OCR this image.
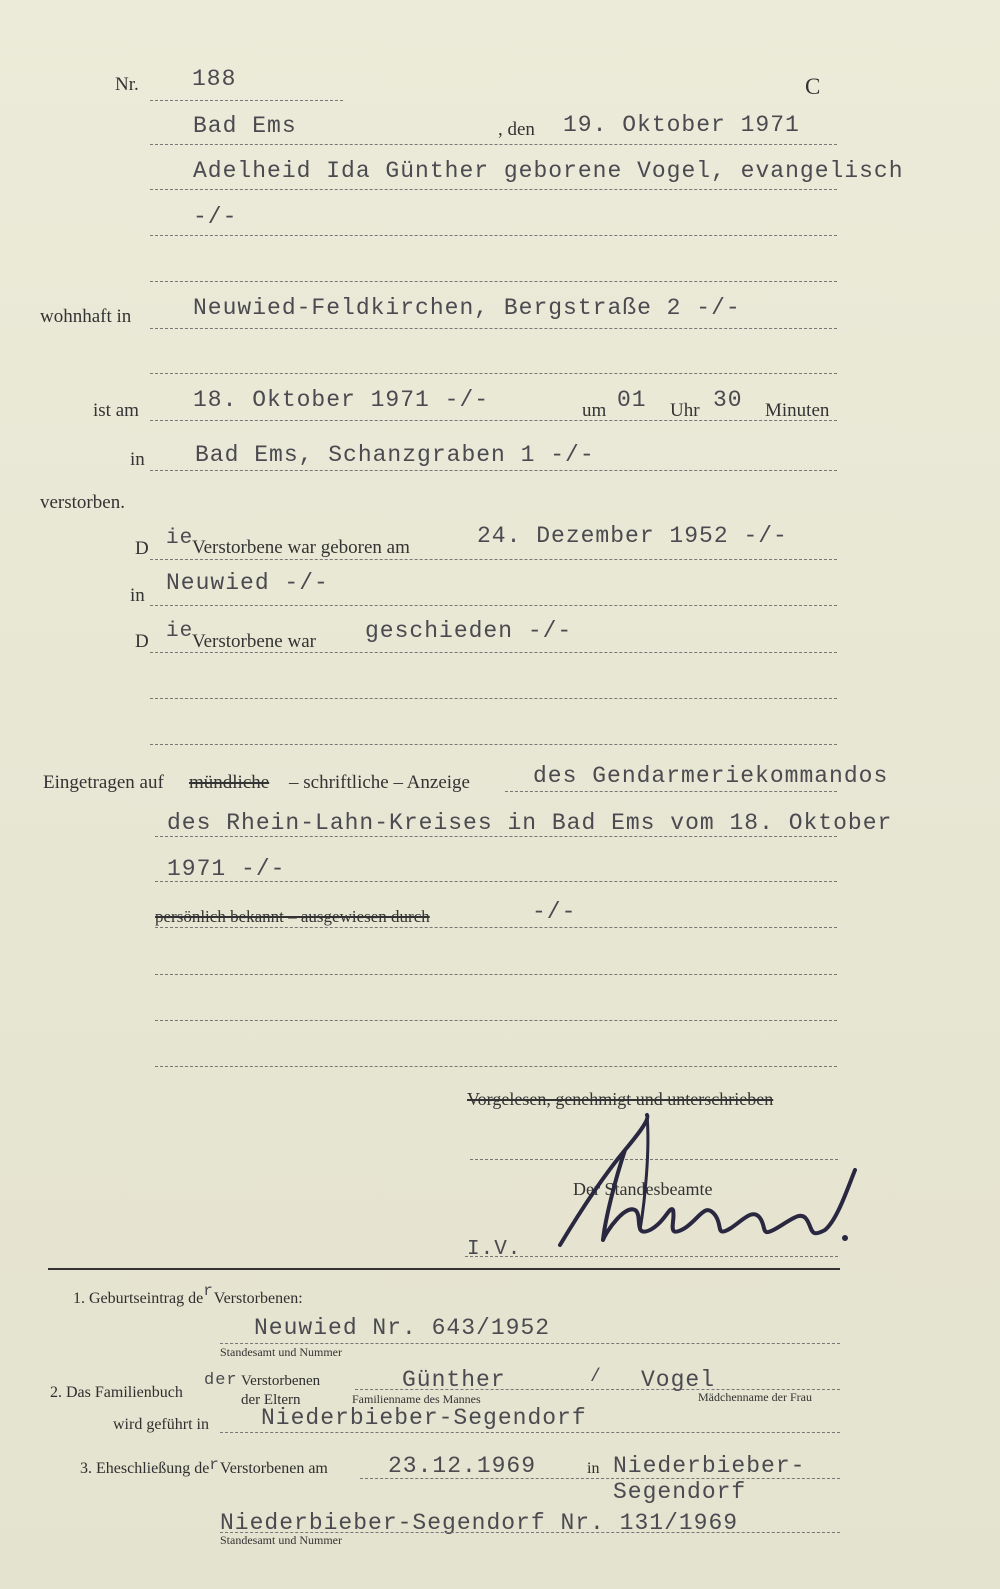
Nr. 188	C
Bad Ems	, den 19. Oktober 1971
Adelheid Ida Günther geborene Vogel, evangelisch
-/-
wohnhaft in	Neuwied-Feldkirchen, Bergstraße 2 -/-
ist am 18. Oktober 1971 -/-	um 01 Uhr 30 Minuten
in Bad Ems, Schanzgraben 1 -/-
verstorben.
D ie
Verstorbene war geboren am	24. Dezember 1952 -/-
in Neuwied -/-
D ie
Verstorbene war geschieden -/-
Eingetragen auf mündliche – schriftliche – Anzeige	des Gendarmeriekommandos
des Rhein-Lahn-Kreises in Bad Ems vom 18. Oktober
1971 -/-
persönlich bekannt – ausgewiesen durch	-/-
Vorgelesen, genehmigt und unterschrieben
Der Standesbeamte
I.V.
1. Geburtseintrag derVerstorbenen:
Neuwied Nr. 643/1952
Standesamt und Nummer
2. Das Familienbuch
der Verstorbenen
der Eltern
Günther	/ Vogel
Familienname des Mannes	Mädchenname der Frau
wird geführt in Niederbieber-Segendorf
3. Eheschließung derVerstorbenen am	23.12.1969	in Niederbieber-
Segendorf
Niederbieber-Segendorf Nr. 131/1969
Standesamt und Nummer
